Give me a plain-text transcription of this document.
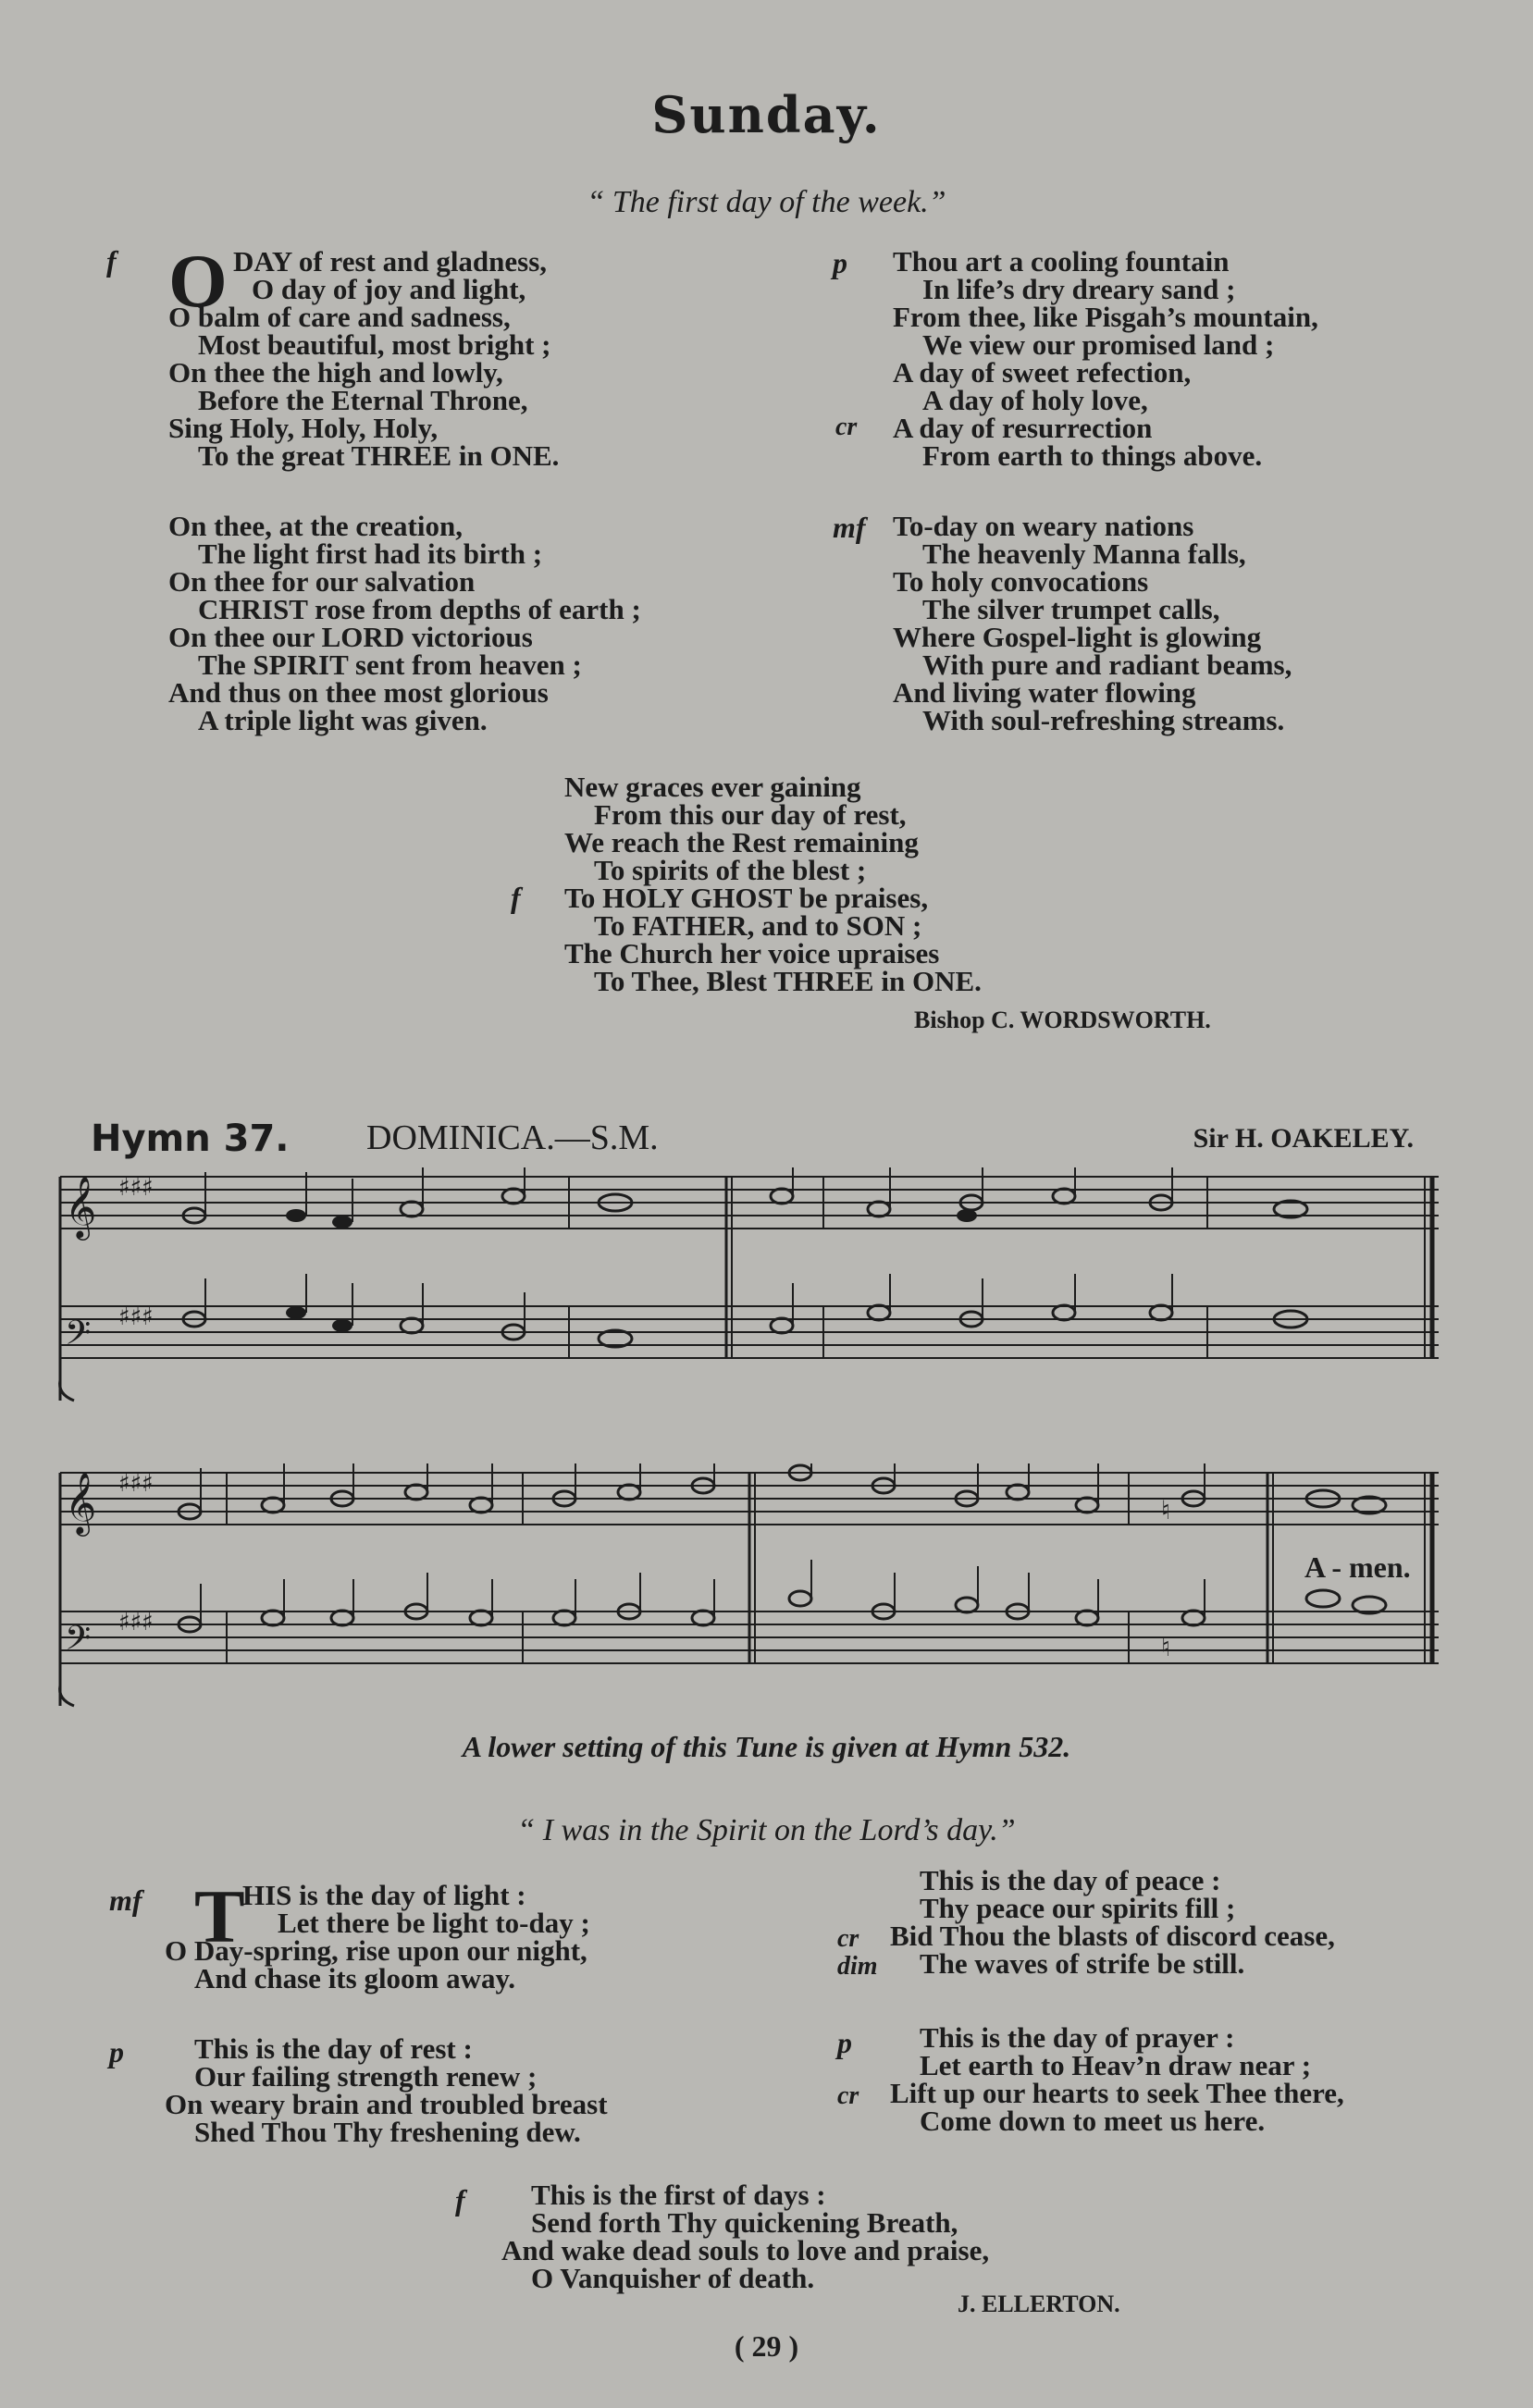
Sunday.
“ The first day of the week.”
f O DAY of rest and gladness,
O day of joy and light,
O balm of care and sadness,
Most beautiful, most bright ;
On thee the high and lowly,
Before the Eternal Throne,
Sing Holy, Holy, Holy,
To the great THREE in ONE.
p
cr
Thou art a cooling fountain
In life’s dry dreary sand ;
From thee, like Pisgah’s mountain,
We view our promised land ;
A day of sweet refection,
A day of holy love,
A day of resurrection
From earth to things above.
On thee, at the creation,
The light first had its birth ;
On thee for our salvation
CHRIST rose from depths of earth ;
On thee our LORD victorious
The SPIRIT sent from heaven ;
And thus on thee most glorious
A triple light was given.
mf To-day on weary nations
The heavenly Manna falls,
To holy convocations
The silver trumpet calls,
Where Gospel-light is glowing
With pure and radiant beams,
And living water flowing
With soul-refreshing streams.
f
New graces ever gaining
From this our day of rest,
We reach the Rest remaining
To spirits of the blest ;
To HOLY GHOST be praises,
To FATHER, and to SON ;
The Church her voice upraises
To Thee, Blest THREE in ONE.
Bishop C. WORDSWORTH.
Hymn 37. DOMINICA.—S.M.	Sir H. OAKELEY.
𝄞
𝄢
♯♯♯
♯♯♯
𝄞
𝄢
♯♯♯
♯♯♯
♮
♮
A - men.
A lower setting of this Tune is given at Hymn 532.
“ I was in the Spirit on the Lord’s day.”
mf T
HIS is the day of light :
Let there be light to-day ;
O Day-spring, rise upon our night,
And chase its gloom away.
cr
dim
This is the day of peace :
Thy peace our spirits fill ;
Bid Thou the blasts of discord cease,
The waves of strife be still.
p	This is the day of rest :
Our failing strength renew ;
On weary brain and troubled breast
Shed Thou Thy freshening dew.
p
cr
This is the day of prayer :
Let earth to Heav’n draw near ;
Lift up our hearts to seek Thee there,
Come down to meet us here.
f	This is the first of days :
Send forth Thy quickening Breath,
And wake dead souls to love and praise,
O Vanquisher of death.
J. ELLERTON.
( 29 )
